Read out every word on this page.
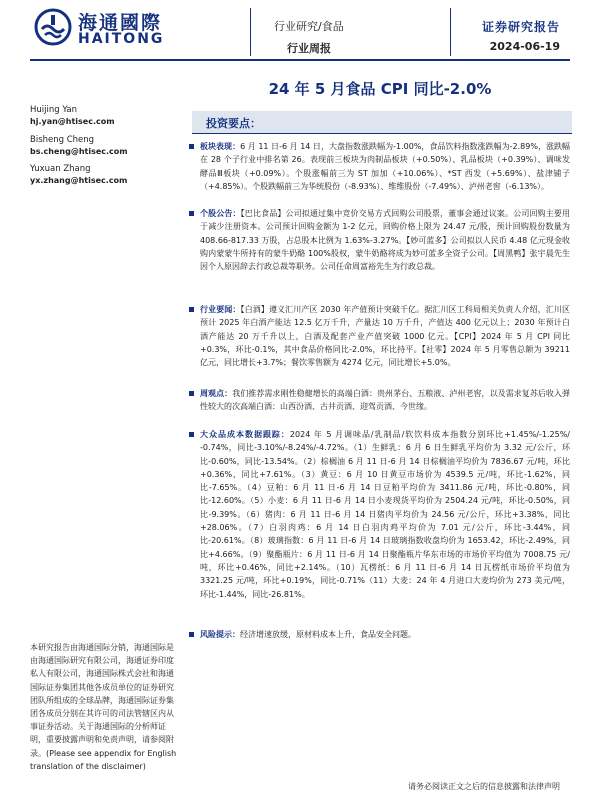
海通國際
HAITONG
行业研究/食品
行业周报
证券研究报告
2024-06-19
24 年 5 月食品 CPI 同比-2.0%
Huijing Yan
hj.yan@htisec.com
Bisheng Cheng
bs.cheng@htisec.com
Yuxuan Zhang
yx.zhang@htisec.com

本研究报告由海通国际分销，海通国际是由海通国际研究有限公司，海通证券印度私人有限公司，海通国际株式会社和海通国际证券集团其他各成员单位的证券研究团队所组成的全球品牌，海通国际证券集团各成员分别在其许可的司法管辖区内从事证券活动。关于海通国际的分析师证明，重要披露声明和免责声明，请参阅附录。(Please see appendix for English translation of the disclaimer)

投资要点：

板块表现：6 月 11 日-6 月 14 日，大盘指数涨跌幅为-1.00%，食品饮料指数涨跌幅为-2.89%，涨跌幅在 28 个子行业中排名第 26。表现前三板块为肉制品板块（+0.50%）、乳品板块（+0.39%）、调味发酵品Ⅲ板块（+0.09%）。个股涨幅前三为 ST 加加（+10.06%）、*ST 西发（+5.69%）、盐津铺子（+4.85%）。个股跌幅前三为华统股份（-8.93%）、维维股份（-7.49%）、泸州老窖（-6.13%）。

个股公告：【巴比食品】公司拟通过集中竞价交易方式回购公司股票，董事会通过议案。公司回购主要用于减少注册资本。公司预计回购金额为 1-2 亿元，回购价格上限为 24.47 元/股，预计回购股份数量为 408.66-817.33 万股，占总股本比例为 1.63%-3.27%。【妙可蓝多】公司拟以人民币 4.48 亿元现金收购内蒙蒙牛所持有的蒙牛奶酪 100%股权，蒙牛奶酪将成为妙可蓝多全资子公司。【周黑鸭】张宇晨先生因个人原因辞去行政总裁等职务。公司任命周富裕先生为行政总裁。

行业要闻：【白酒】遵义汇川产区 2030 年产值预计突破千亿。据汇川区工科局相关负责人介绍，汇川区预计 2025 年白酒产能达 12.5 亿万千升，产量达 10 万千升，产值达 400 亿元以上；2030 年预计白酒产能达 20 万千升以上，白酒及配套产业产值突破 1000 亿元。【CPI】2024 年 5 月 CPI 同比+0.3%，环比-0.1%，其中食品价格同比-2.0%，环比持平。【社零】2024 年 5 月零售总额为 39211 亿元，同比增长+3.7%；餐饮零售额为 4274 亿元，同比增长+5.0%。

周观点：我们推荐需求刚性稳健增长的高端白酒：贵州茅台、五粮液、泸州老窖，以及需求复苏后收入弹性较大的次高端白酒：山西汾酒、古井贡酒、迎驾贡酒、今世缘。

大众品成本数据跟踪：2024 年 5 月调味品/乳制品/软饮料成本指数分别环比+1.45%/-1.25%/ -0.74%，同比-3.10%/-8.24%/-4.72%。（1）生鲜乳：6 月 6 日生鲜乳平均价为 3.32 元/公斤，环比-0.60%，同比-13.54%。（2）棕榈油 6 月 11 日-6 月 14 日棕榈油平均价为 7836.67 元/吨，环比+0.36%，同比+7.61%。（3）黄豆：6 月 10 日黄豆市场价为 4539.5 元/吨，环比-1.62%，同比-7.65%。（4）豆粕：6 月 11 日-6 月 14 日豆粕平均价为 3411.86 元/吨，环比-0.80%，同比-12.60%。（5）小麦：6 月 11 日-6 月 14 日小麦现货平均价为 2504.24 元/吨，环比-0.50%，同比-9.39%。（6）猪肉：6 月 11 日-6 月 14 日猪肉平均价为 24.56 元/公斤，环比+3.38%，同比+28.06%。（7）白羽肉鸡：6 月 14 日白羽肉鸡平均价为 7.01 元/公斤，环比-3.44%，同比-20.61%。（8）玻璃指数：6 月 11 日-6 月 14 日玻璃指数收盘均价为 1653.42，环比-2.49%，同比+4.66%。（9）聚酯瓶片：6 月 11 日-6 月 14 日聚酯瓶片华东市场的市场价平均值为 7008.75 元/吨，环比+0.46%，同比+2.14%。（10）瓦楞纸：6 月 11 日-6 月 14 日瓦楞纸市场价平均值为 3321.25 元/吨，环比+0.19%，同比-0.71%（11）大麦：24 年 4 月进口大麦均价为 273 美元/吨，环比-1.44%，同比-26.81%。

风险提示：经济增速放缓，原材料成本上升，食品安全问题。

请务必阅读正文之后的信息披露和法律声明
